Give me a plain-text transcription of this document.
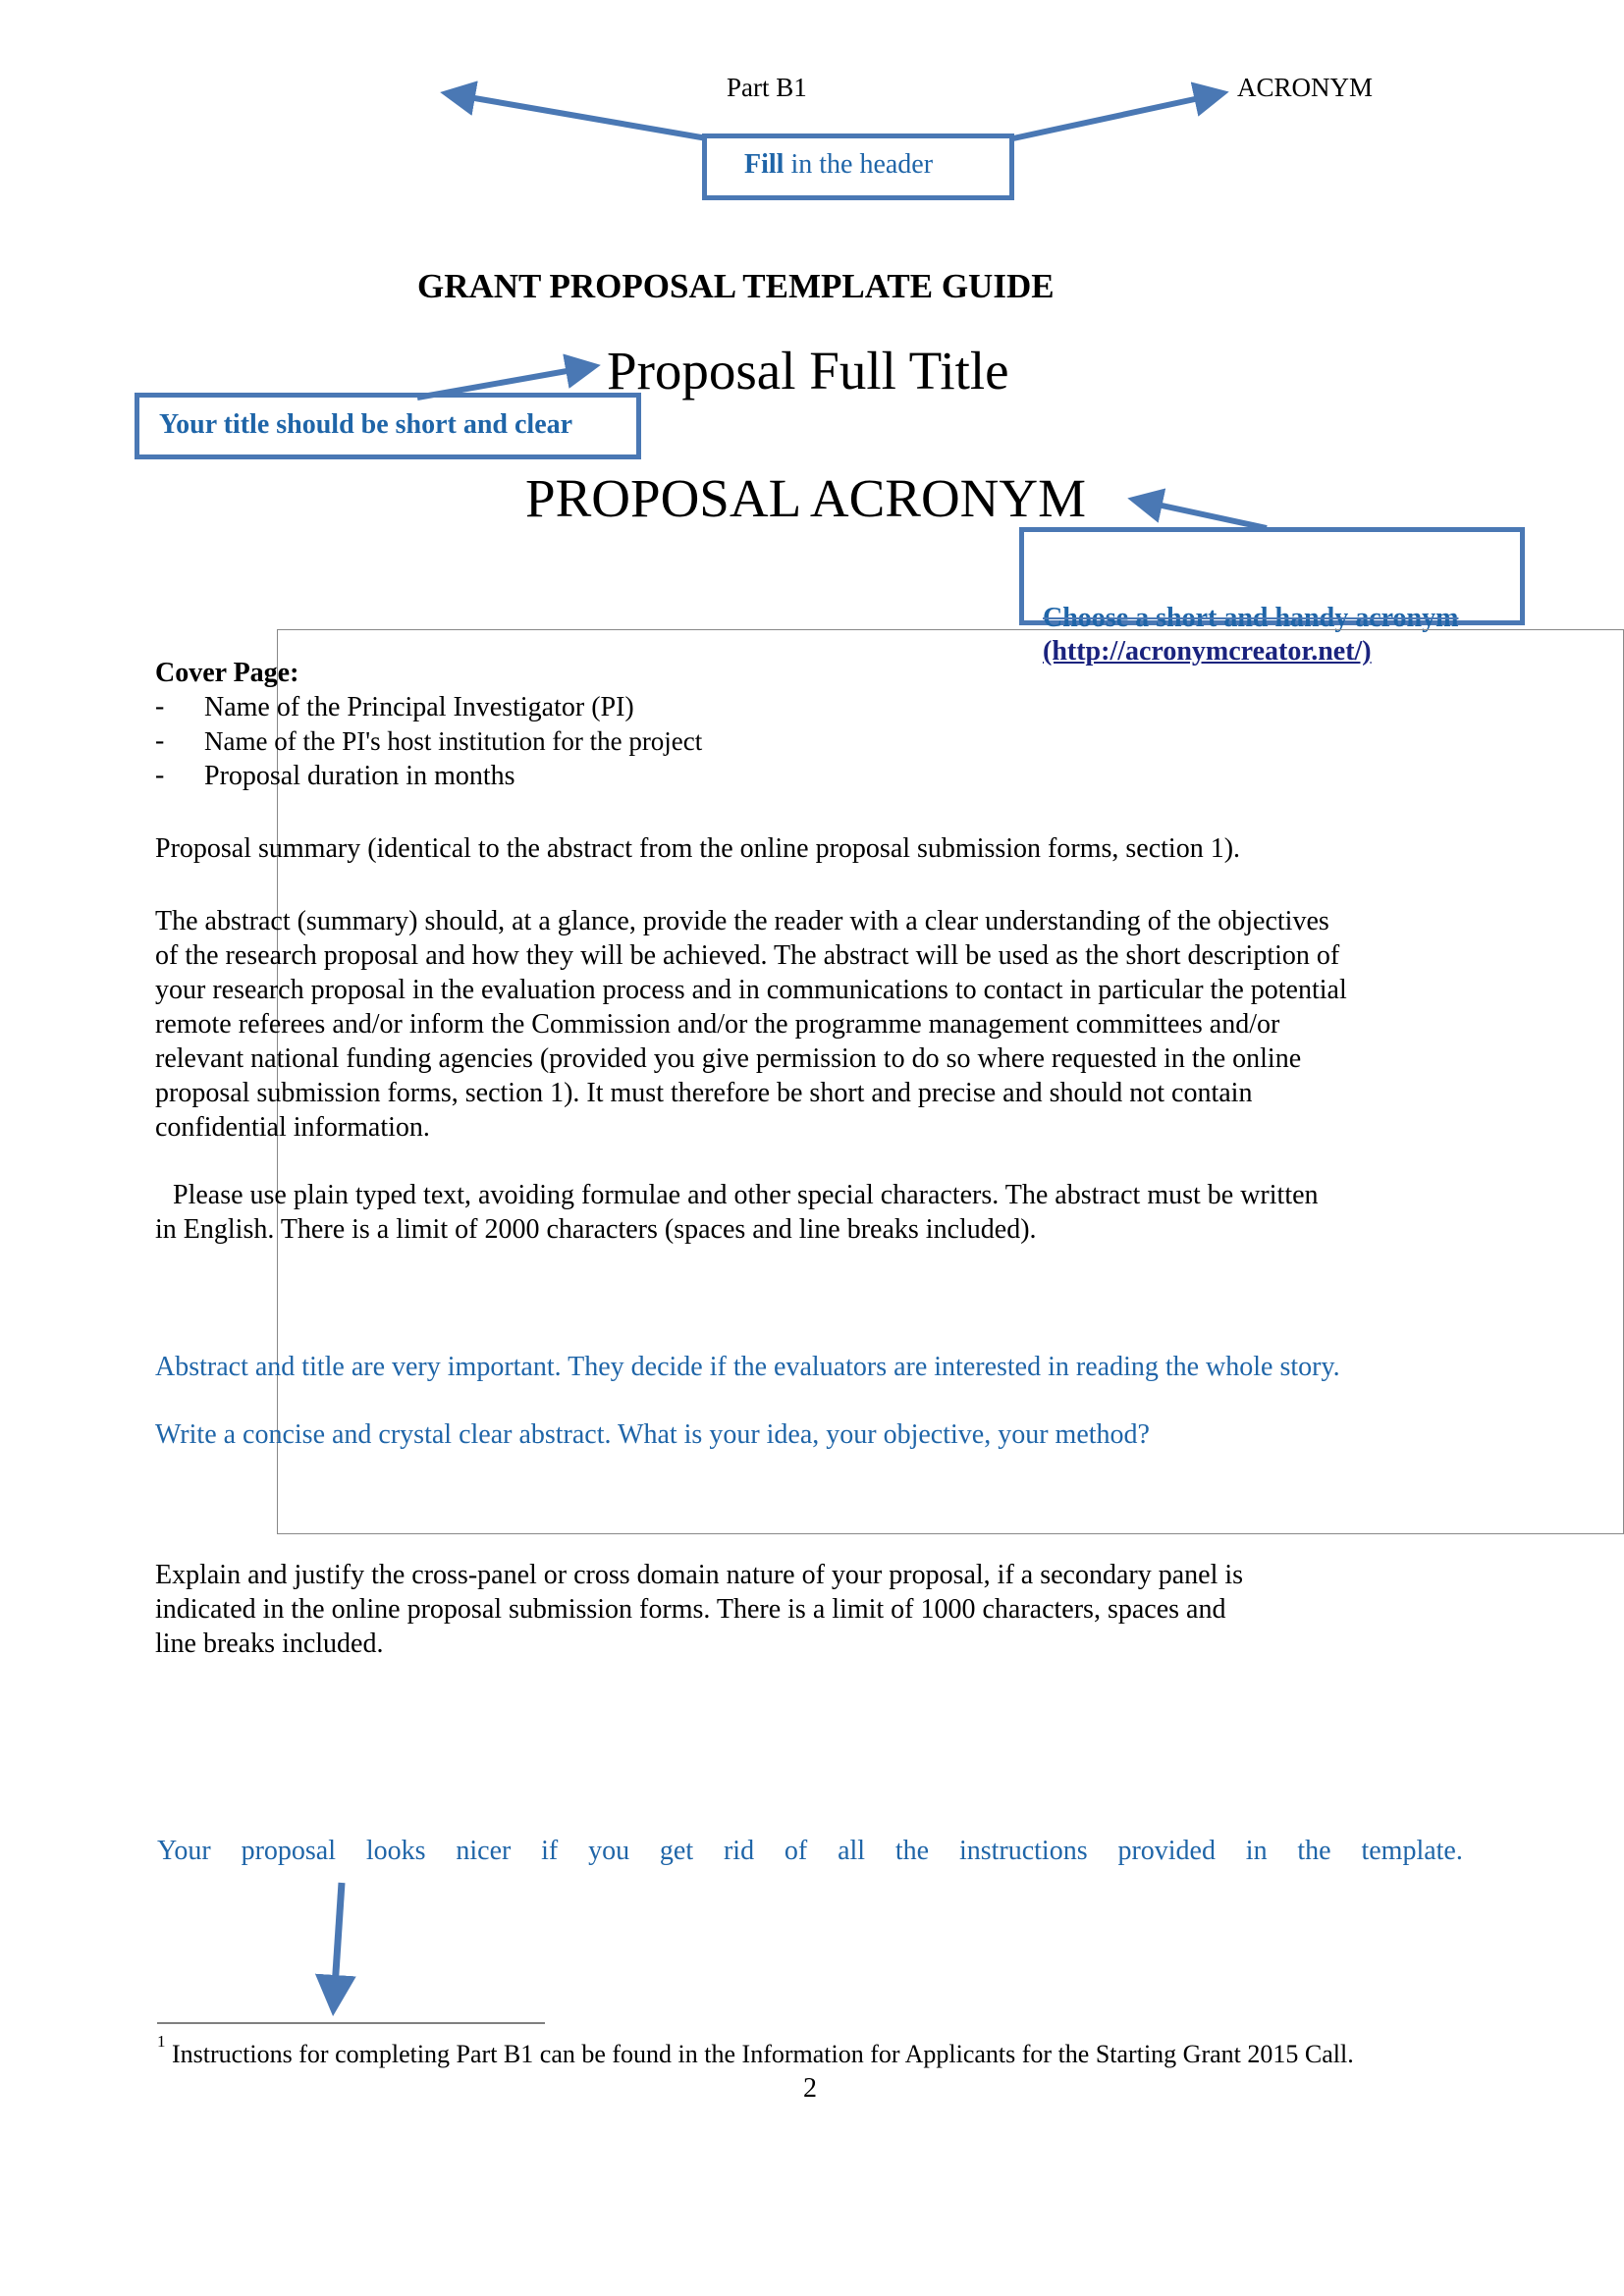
Part B1	ACRONYM
Fill in the header
GRANT PROPOSAL TEMPLATE GUIDE
Proposal Full Title
Your title should be short and clear
PROPOSAL ACRONYM
Choose a short and handy acronym
(http://acronymcreator.net/)
Cover Page:
- Name of the Principal Investigator (PI)
- Name of the PI's host institution for the project
- Proposal duration in months
Proposal summary (identical to the abstract from the online proposal submission forms, section 1).
The abstract (summary) should, at a glance, provide the reader with a clear understanding of the objectives
of the research proposal and how they will be achieved. The abstract will be used as the short description of
your research proposal in the evaluation process and in communications to contact in particular the potential
remote referees and/or inform the Commission and/or the programme management committees and/or
relevant national funding agencies (provided you give permission to do so where requested in the online
proposal submission forms, section 1). It must therefore be short and precise and should not contain
confidential information.
Please use plain typed text, avoiding formulae and other special characters. The abstract must be written
in English. There is a limit of 2000 characters (spaces and line breaks included).
Abstract and title are very important. They decide if the evaluators are interested in reading the whole story.
Write a concise and crystal clear abstract. What is your idea, your objective, your method?
Explain and justify the cross-panel or cross domain nature of your proposal, if a secondary panel is
indicated in the online proposal submission forms. There is a limit of 1000 characters, spaces and
line breaks included.
Your proposal looks nicer if you get rid of all the instructions provided in the template.
1 Instructions for completing Part B1 can be found in the Information for Applicants for the Starting Grant 2015 Call.
2
